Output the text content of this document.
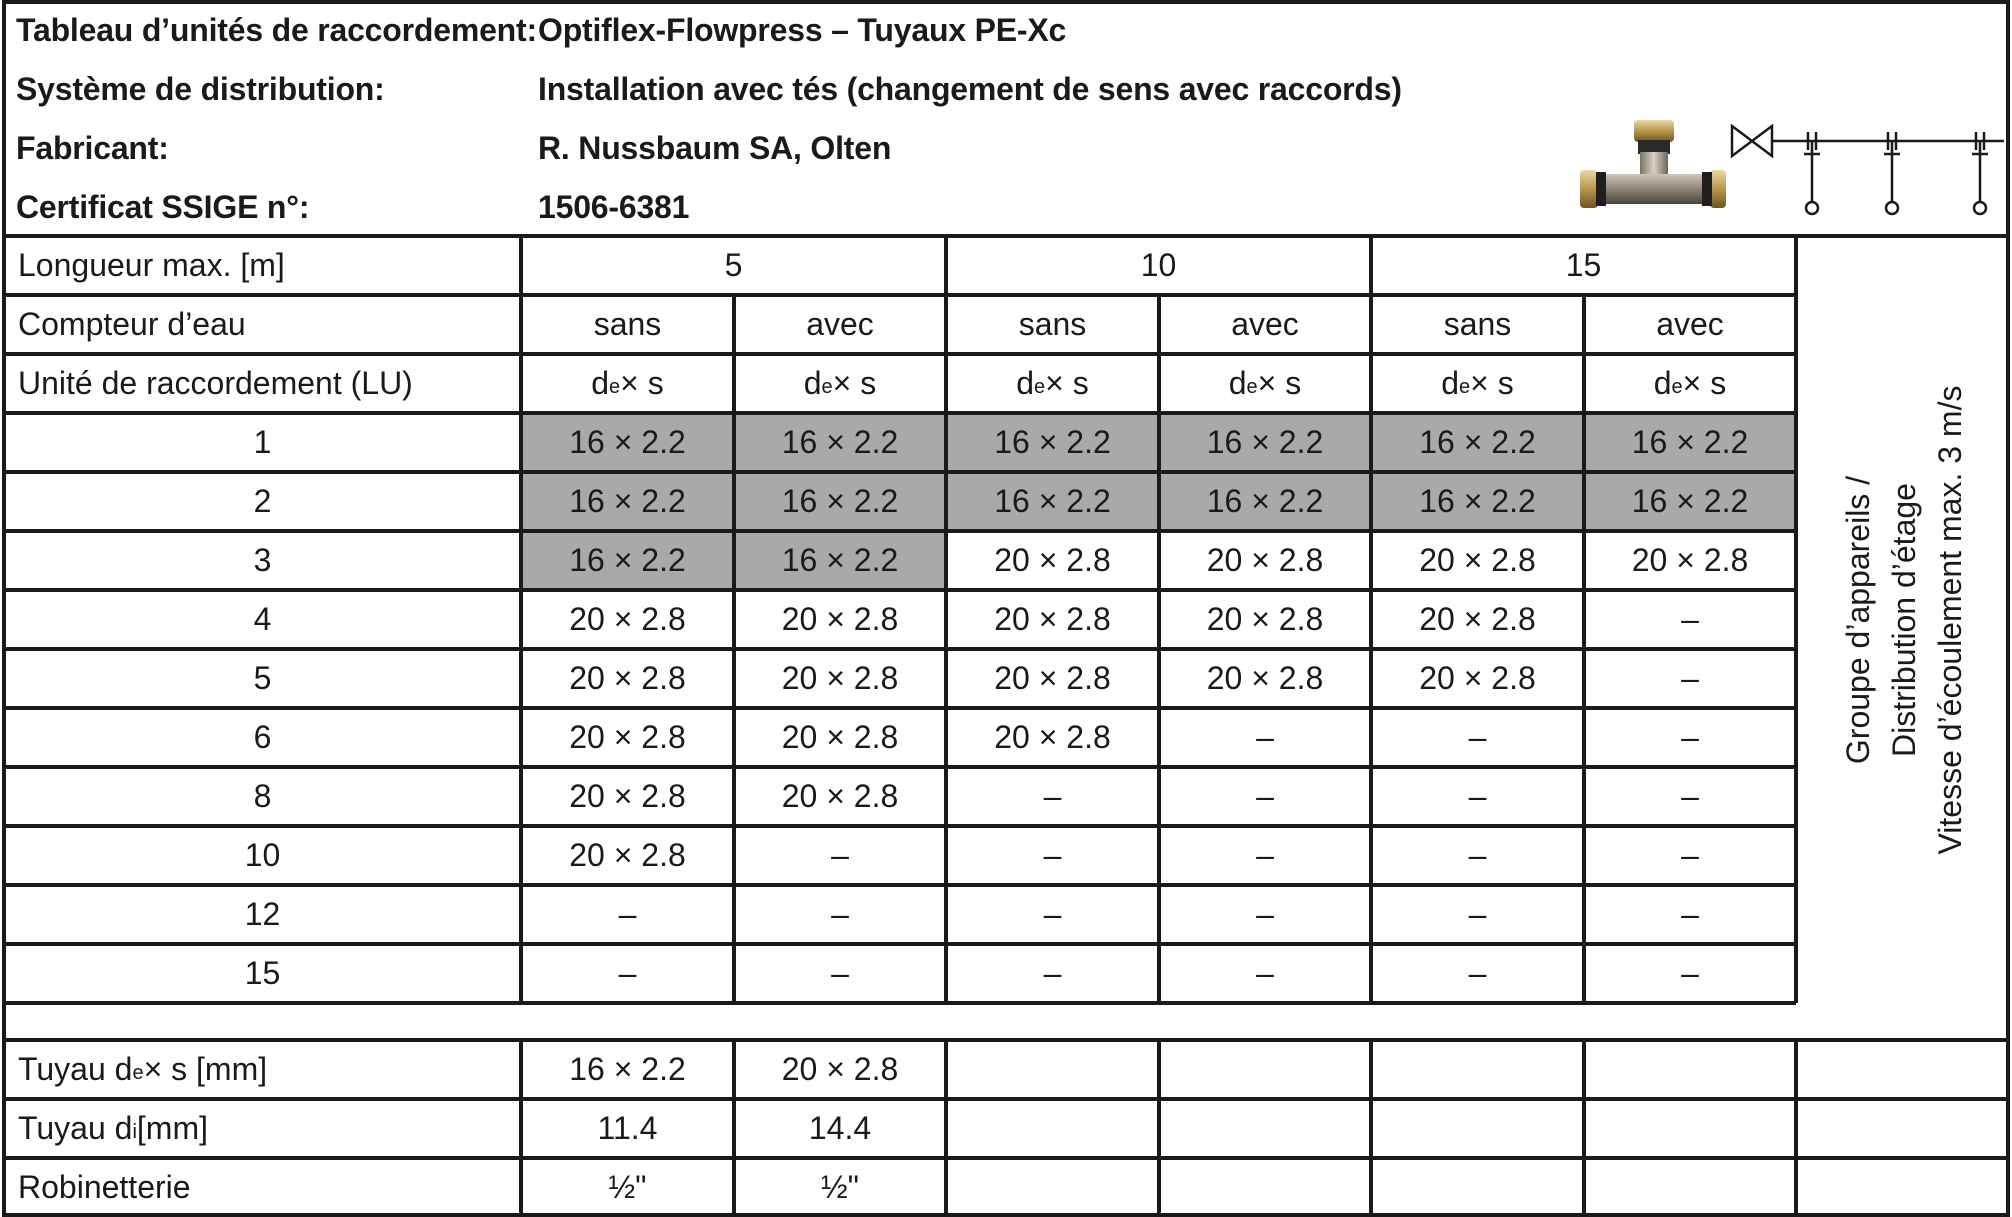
Tableau d’unités de raccordement: Optiflex-Flowpress – Tuyaux PE-Xc
Système de distribution:	Installation avec tés (changement de sens avec raccords)
Fabricant:	R. Nussbaum SA, Olten
Certificat SSIGE n°:	1506-6381
Longueur max. [m]	5	10	15
Compteur d’eau	sans	avec	sans	avec	sans	avec
Unité de raccordement (LU)	d e × s	d e × s	d e × s	d e × s	d e × s	d e × s
1	16 × 2.2	16 × 2.2	16 × 2.2	16 × 2.2	16 × 2.2	16 × 2.2
2	16 × 2.2	16 × 2.2	16 × 2.2	16 × 2.2	16 × 2.2	16 × 2.2
3	16 × 2.2	16 × 2.2	20 × 2.8	20 × 2.8	20 × 2.8	20 × 2.8
4	20 × 2.8	20 × 2.8	20 × 2.8	20 × 2.8	20 × 2.8	–
5	20 × 2.8	20 × 2.8	20 × 2.8	20 × 2.8	20 × 2.8	–
6	20 × 2.8	20 × 2.8	20 × 2.8	–	–	–
8	20 × 2.8	20 × 2.8	–	–	–	–
10	20 × 2.8	–	–	–	–	–
12	–	–	–	–	–	–
15	–	–	–	–	–	–
Tuyau d e × s [mm]	16 × 2.2	20 × 2.8
Tuyau d i [mm]	11.4	14.4
Robinetterie	½"	½"
Groupe d’appareils / Distribution d’étage Vitesse d’écoulement max. 3 m/s
